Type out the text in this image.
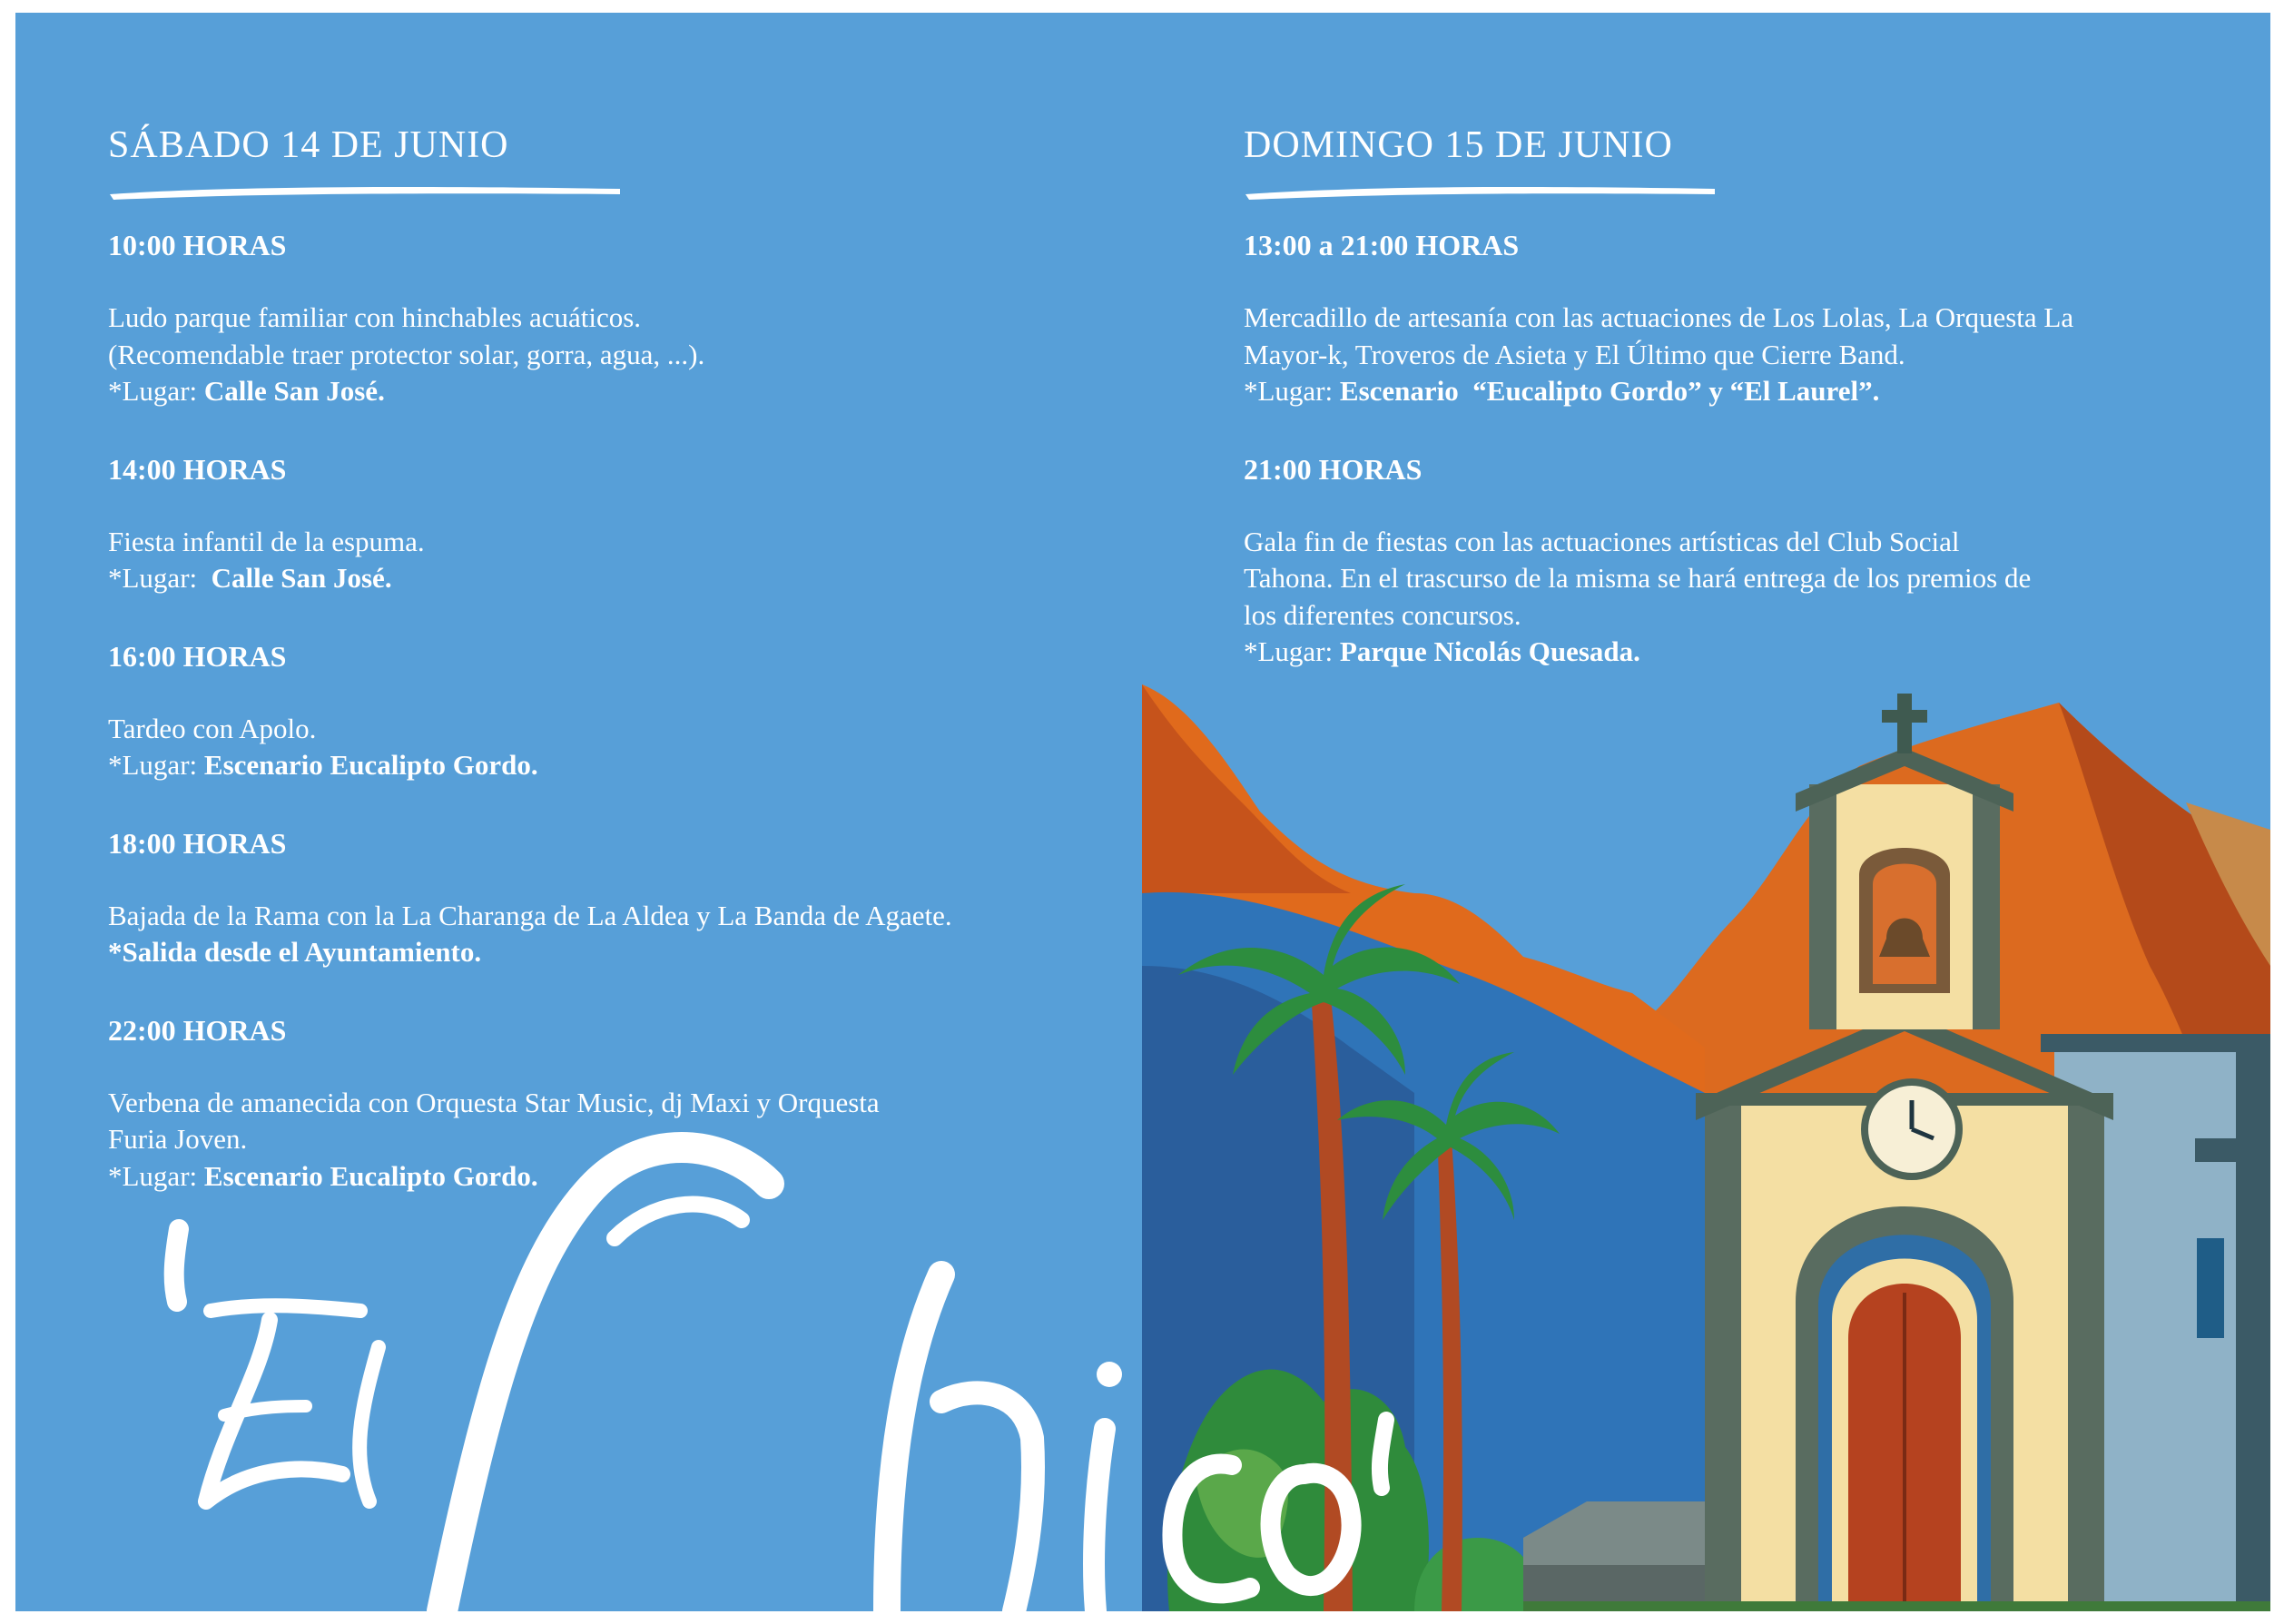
SÁBADO 14 DE JUNIO

10:00 HORAS

Ludo parque familiar con hinchables acuáticos.
(Recomendable traer protector solar, gorra, agua, ...).
*Lugar: Calle San José.

14:00 HORAS

Fiesta infantil de la espuma.
*Lugar:  Calle San José.

16:00 HORAS

Tardeo con Apolo.
*Lugar: Escenario Eucalipto Gordo.

18:00 HORAS

Bajada de la Rama con la La Charanga de La Aldea y La Banda de Agaete.
*Salida desde el Ayuntamiento.

22:00 HORAS

Verbena de amanecida con Orquesta Star Music, dj Maxi y Orquesta
Furia Joven.
*Lugar: Escenario Eucalipto Gordo.

DOMINGO 15 DE JUNIO

13:00 a 21:00 HORAS

Mercadillo de artesanía con las actuaciones de Los Lolas, La Orquesta La
Mayor-k, Troveros de Asieta y El Último que Cierre Band.
*Lugar: Escenario  “Eucalipto Gordo” y “El Laurel”.

21:00 HORAS

Gala fin de fiestas con las actuaciones artísticas del Club Social
Tahona. En el trascurso de la misma se hará entrega de los premios de
los diferentes concursos.
*Lugar: Parque Nicolás Quesada.
